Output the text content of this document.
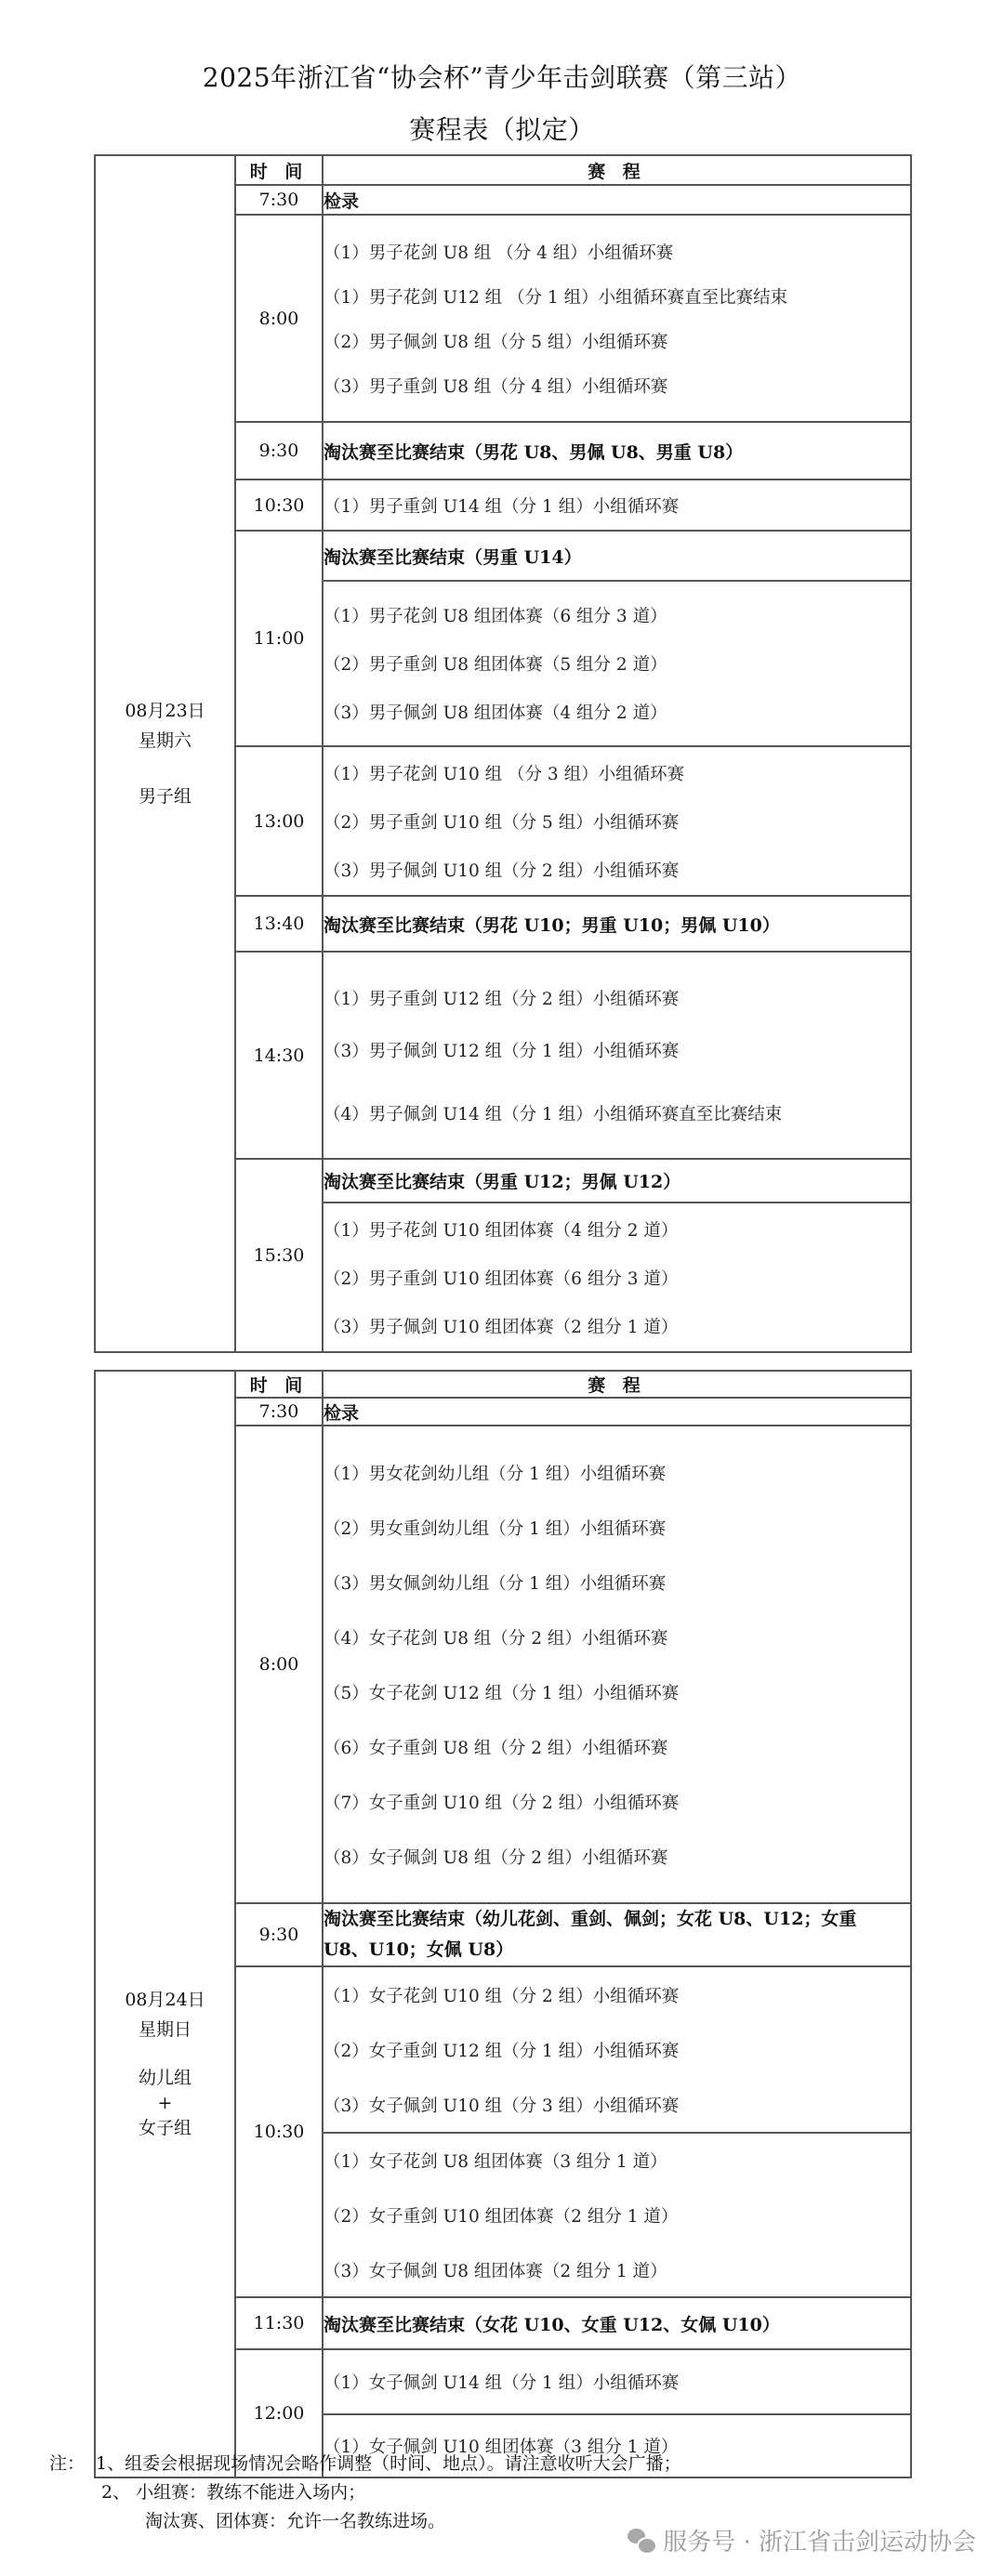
2025年浙江省“协会杯”青少年击剑联赛（第三站）
赛程表（拟定）
08月23日
星期六
男子组	时 间	赛 程
	7:30	检录
	8:00	（1）男子花剑 U8 组 （分 4 组）小组循环赛
（1）男子花剑 U12 组 （分 1 组）小组循环赛直至比赛结束
（2）男子佩剑 U8 组（分 5 组）小组循环赛
（3）男子重剑 U8 组（分 4 组）小组循环赛

	9:30	淘汰赛至比赛结束（男花 U8、男佩 U8、男重 U8）
	10:30	（1）男子重剑 U14 组（分 1 组）小组循环赛

	11:00	淘汰赛至比赛结束（男重 U14）

		（1）男子花剑 U8 组团体赛（6 组分 3 道）
（2）男子重剑 U8 组团体赛（5 组分 2 道）
（3）男子佩剑 U8 组团体赛（4 组分 2 道）

	13:00	（1）男子花剑 U10 组 （分 3 组）小组循环赛
（2）男子重剑 U10 组（分 5 组）小组循环赛
（3）男子佩剑 U10 组（分 2 组）小组循环赛

	13:40	淘汰赛至比赛结束（男花 U10；男重 U10；男佩 U10）
	14:30	（1）男子重剑 U12 组（分 2 组）小组循环赛
（3）男子佩剑 U12 组（分 1 组）小组循环赛
（4）男子佩剑 U14 组（分 1 组）小组循环赛直至比赛结束

	15:30	淘汰赛至比赛结束（男重 U12；男佩 U12）

		（1）男子花剑 U10 组团体赛（4 组分 2 道）
（2）男子重剑 U10 组团体赛（6 组分 3 道）
（3）男子佩剑 U10 组团体赛（2 组分 1 道）
08月24日
星期日
幼儿组
+
女子组	时 间	赛 程
	7:30	检录
8:00	
（1）男女花剑幼儿组（分 1 组）小组循环赛
（2）男女重剑幼儿组（分 1 组）小组循环赛
（3）男女佩剑幼儿组（分 1 组）小组循环赛
（4）女子花剑 U8 组（分 2 组）小组循环赛
（5）女子花剑 U12 组（分 1 组）小组循环赛
（6）女子重剑 U8 组（分 2 组）小组循环赛
（7）女子重剑 U10 组（分 2 组）小组循环赛
（8）女子佩剑 U8 组（分 2 组）小组循环赛

	9:30	淘汰赛至比赛结束（幼儿花剑、重剑、佩剑；女花 U8、U12；女重 U8、U10；女佩 U8）
	10:30	（1）女子花剑 U10 组（分 2 组）小组循环赛
（2）女子重剑 U12 组（分 1 组）小组循环赛
（3）女子佩剑 U10 组（分 3 组）小组循环赛

		（1）女子花剑 U8 组团体赛（3 组分 1 道）
（2）女子重剑 U10 组团体赛（2 组分 1 道）
（3）女子佩剑 U8 组团体赛（2 组分 1 道）

	11:30	淘汰赛至比赛结束（女花 U10、女重 U12、女佩 U10）
	12:00	（1）女子佩剑 U14 组（分 1 组）小组循环赛

		（1）女子佩剑 U10 组团体赛（3 组分 1 道）
注： 1、组委会根据现场情况会略作调整（时间、地点）。请注意收听大会广播；
2、 小组赛：教练不能进入场内；
淘汰赛、团体赛：允许一名教练进场。
服务号 · 浙江省击剑运动协会
